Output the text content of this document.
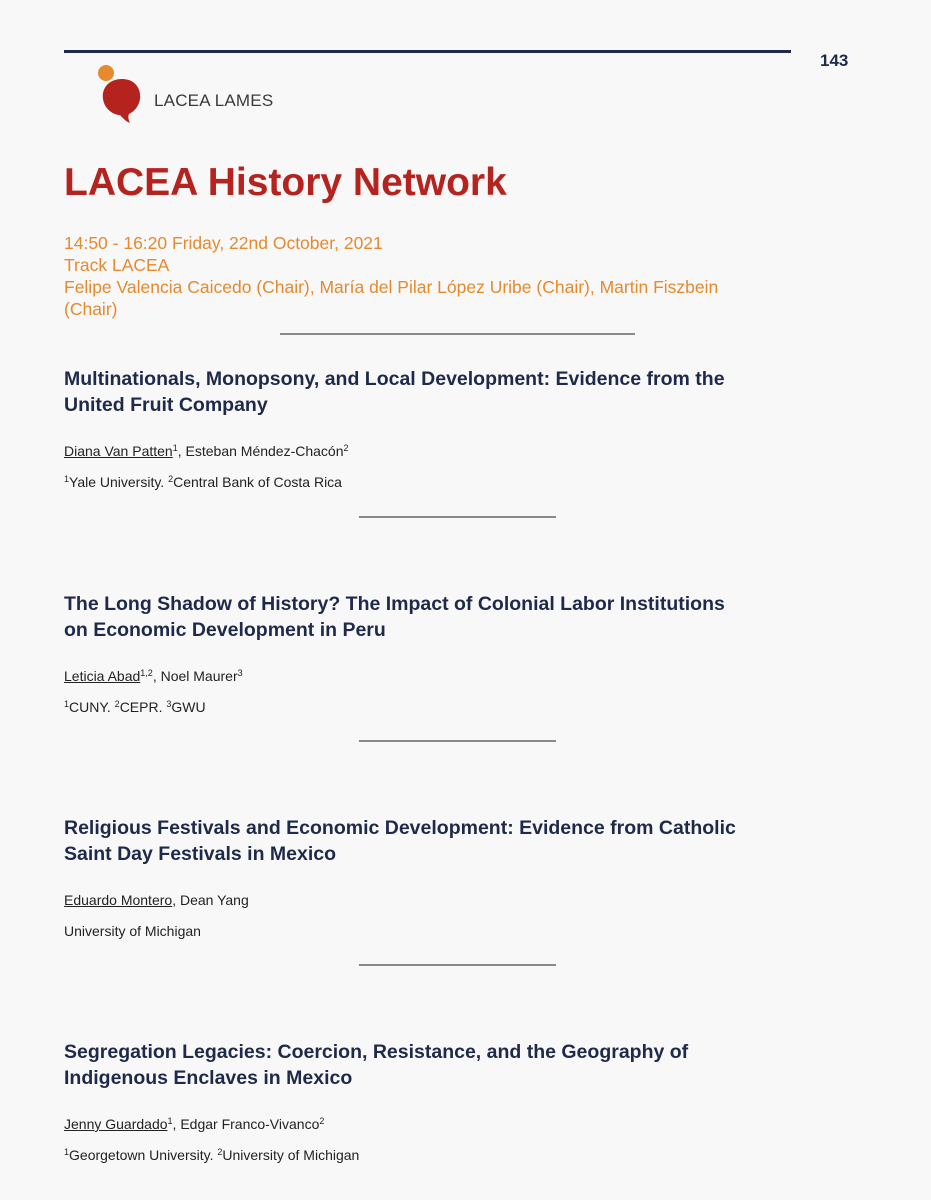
143
LACEA LAMES
LACEA History Network
14:50 - 16:20 Friday, 22nd October, 2021
Track LACEA
Felipe Valencia Caicedo (Chair), María del Pilar López Uribe (Chair), Martin Fiszbein
(Chair)
Multinationals, Monopsony, and Local Development: Evidence from the
United Fruit Company
Diana Van Patten$^1$, Esteban Méndez-Chacón$^2$
$^1$Yale University. $^2$Central Bank of Costa Rica
The Long Shadow of History? The Impact of Colonial Labor Institutions
on Economic Development in Peru
Leticia Abad$^{1,2}$, Noel Maurer$^3$
$^1$CUNY. $^2$CEPR. $^3$GWU
Religious Festivals and Economic Development: Evidence from Catholic
Saint Day Festivals in Mexico
Eduardo Montero, Dean Yang
University of Michigan
Segregation Legacies: Coercion, Resistance, and the Geography of
Indigenous Enclaves in Mexico
Jenny Guardado$^1$, Edgar Franco-Vivanco$^2$
$^1$Georgetown University. $^2$University of Michigan
